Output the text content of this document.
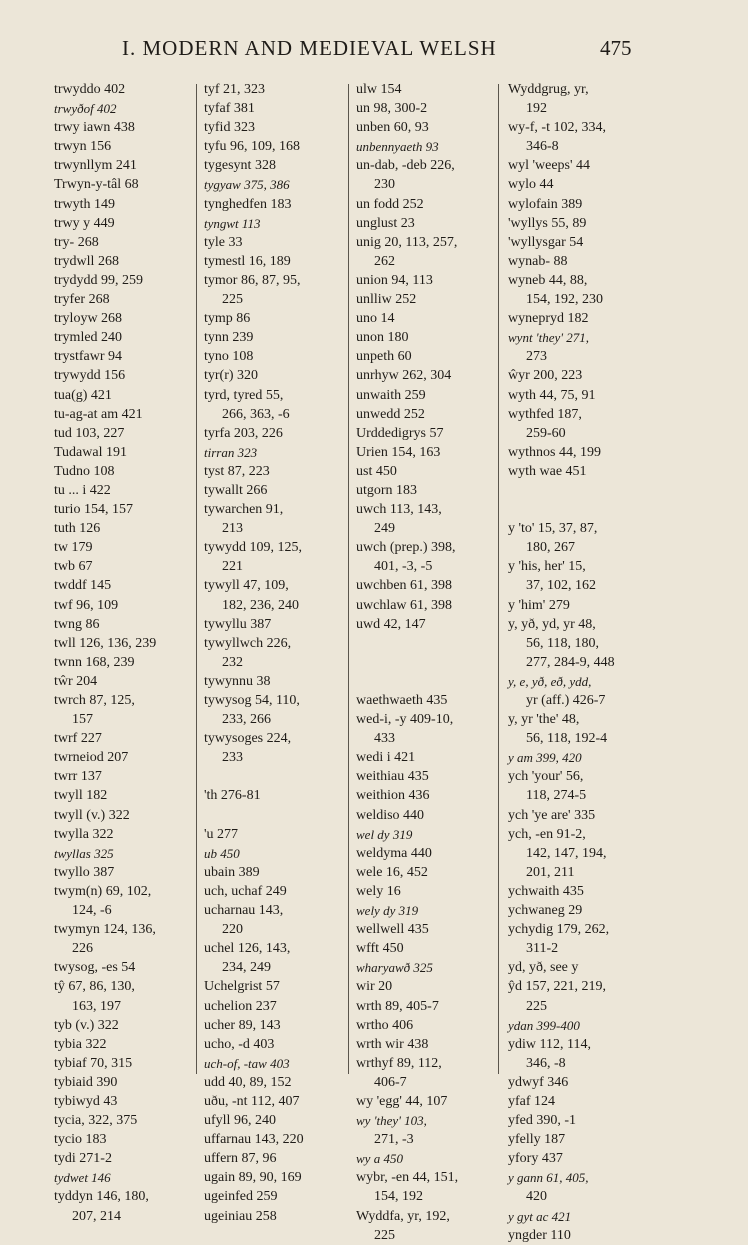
I. MODERN AND MEDIEVAL WELSH	475
trwyddo 402
trwyðof 402
trwy iawn 438
trwyn 156
trwynllym 241
Trwyn-y-tâl 68
trwyth 149
trwy y 449
try- 268
trydwll 268
trydydd 99, 259
tryfer 268
tryloyw 268
trymled 240
trystfawr 94
trywydd 156
tua(g) 421
tu-ag-at am 421
tud 103, 227
Tudawal 191
Tudno 108
tu ... i 422
turio 154, 157
tuth 126
tw 179
twb 67
twddf 145
twf 96, 109
twng 86
twll 126, 136, 239
twnn 168, 239
tŵr 204
twrch 87, 125,
157
twrf 227
twrneiod 207
twrr 137
twyll 182
twyll (v.) 322
twylla 322
twyllas 325
twyllo 387
twym(n) 69, 102,
124, -6
twymyn 124, 136,
226
twysog, -es 54
tŷ 67, 86, 130,
163, 197
tyb (v.) 322
tybia 322
tybiaf 70, 315
tybiaid 390
tybiwyd 43
tycia, 322, 375
tycio 183
tydi 271-2
tydwet 146
tyddyn 146, 180,
207, 214
tyf 21, 323
tyfaf 381
tyfid 323
tyfu 96, 109, 168
tygesynt 328
tygyaw 375, 386
tynghedfen 183
tyngwt 113
tyle 33
tymestl 16, 189
tymor 86, 87, 95,
225
tymp 86
tynn 239
tyno 108
tyr(r) 320
tyrd, tyred 55,
266, 363, -6
tyrfa 203, 226
tirran 323
tyst 87, 223
tywallt 266
tywarchen 91,
213
tywydd 109, 125,
221
tywyll 47, 109,
182, 236, 240
tywyllu 387
tywyllwch 226,
232
tywynnu 38
tywysog 54, 110,
233, 266
tywysoges 224,
233
'th 276-81
'u 277
ub 450
ubain 389
uch, uchaf 249
ucharnau 143,
220
uchel 126, 143,
234, 249
Uchelgrist 57
uchelion 237
ucher 89, 143
ucho, -d 403
uch-of, -taw 403
udd 40, 89, 152
uðu, -nt 112, 407
ufyll 96, 240
uffarnau 143, 220
uffern 87, 96
ugain 89, 90, 169
ugeinfed 259
ugeiniau 258
ulw 154
un 98, 300-2
unben 60, 93
unbennyaeth 93
un-dab, -deb 226,
230
un fodd 252
unglust 23
unig 20, 113, 257,
262
union 94, 113
unlliw 252
uno 14
unon 180
unpeth 60
unrhyw 262, 304
unwaith 259
unwedd 252
Urddedigrys 57
Urien 154, 163
ust 450
utgorn 183
uwch 113, 143,
249
uwch (prep.) 398,
401, -3, -5
uwchben 61, 398
uwchlaw 61, 398
uwd 42, 147
waethwaeth 435
wed-i, -y 409-10,
433
wedi i 421
weithiau 435
weithion 436
weldiso 440
wel dy 319
weldyma 440
wele 16, 452
wely 16
wely dy 319
wellwell 435
wfft 450
wharyawð 325
wir 20
wrth 89, 405-7
wrtho 406
wrth wir 438
wrthyf 89, 112,
406-7
wy 'egg' 44, 107
wy 'they' 103,
271, -3
wy a 450
wybr, -en 44, 151,
154, 192
Wyddfa, yr, 192,
225
Wyddgrug, yr,
192
wy-f, -t 102, 334,
346-8
wyl 'weeps' 44
wylo 44
wylofain 389
'wyllys 55, 89
'wyllysgar 54
wynab- 88
wyneb 44, 88,
154, 192, 230
wynepryd 182
wynt 'they' 271,
273
ŵyr 200, 223
wyth 44, 75, 91
wythfed 187,
259-60
wythnos 44, 199
wyth wae 451
y 'to' 15, 37, 87,
180, 267
y 'his, her' 15,
37, 102, 162
y 'him' 279
y, yð, yd, yr 48,
56, 118, 180,
277, 284-9, 448
y, e, yð, eð, ydd,
yr (aff.) 426-7
y, yr 'the' 48,
56, 118, 192-4
y am 399, 420
ych 'your' 56,
118, 274-5
ych 'ye are' 335
ych, -en 91-2,
142, 147, 194,
201, 211
ychwaith 435
ychwaneg 29
ychydig 179, 262,
311-2
yd, yð, see y
ŷd 157, 221, 219,
225
ydan 399-400
ydiw 112, 114,
346, -8
ydwyf 346
yfaf 124
yfed 390, -1
yfelly 187
yfory 437
y gann 61, 405,
420
y gyt ac 421
yngder 110
